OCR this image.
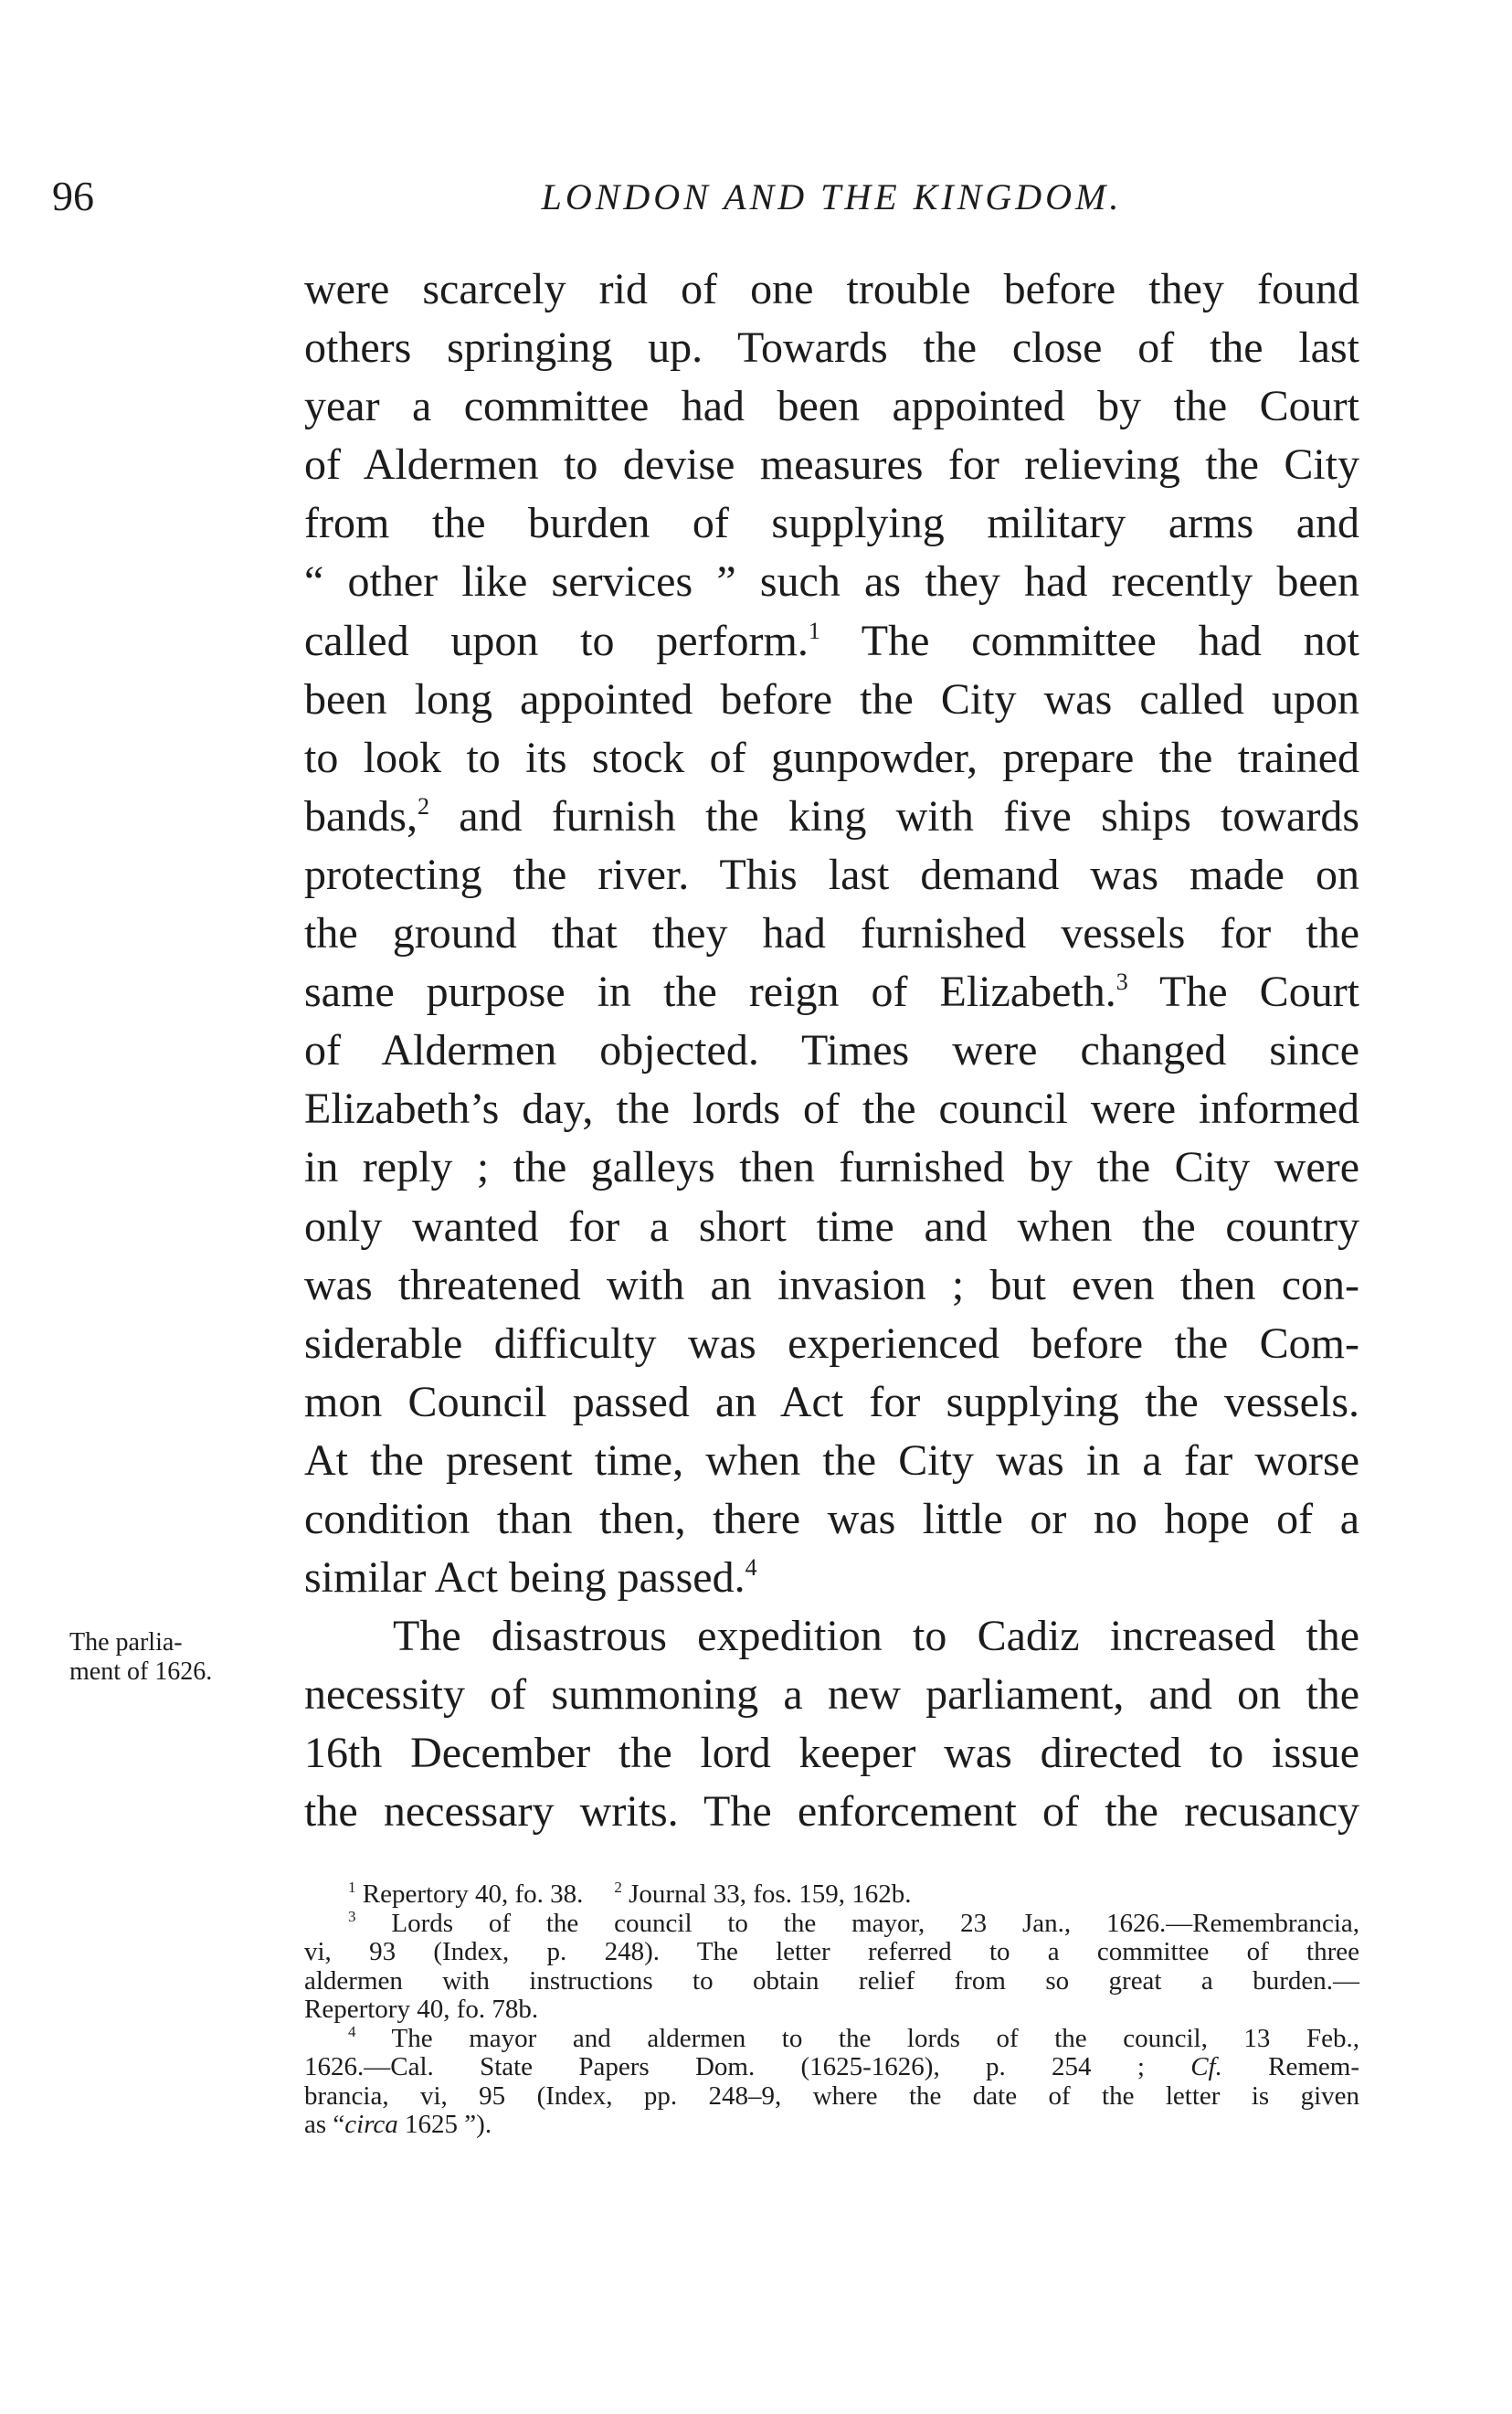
96	LONDON AND THE KINGDOM.
were scarcely rid of one trouble before they found
others springing up. Towards the close of the last
year a committee had been appointed by the Court
of Aldermen to devise measures for relieving the City
from the burden of supplying military arms and
“ other like services ” such as they had recently been
called upon to perform.$^1$ The committee had not
been long appointed before the City was called upon
to look to its stock of gunpowder, prepare the trained
bands,$^2$ and furnish the king with five ships towards
protecting the river. This last demand was made on
the ground that they had furnished vessels for the
same purpose in the reign of Elizabeth.$^3$ The Court
of Aldermen objected. Times were changed since
Elizabeth’s day, the lords of the council were informed
in reply ; the galleys then furnished by the City were
only wanted for a short time and when the country
was threatened with an invasion ; but even then con-
siderable difficulty was experienced before the Com-
mon Council passed an Act for supplying the vessels.
At the present time, when the City was in a far worse
condition than then, there was little or no hope of a
similar Act being passed.$^4$
The disastrous expedition to Cadiz increased the
necessity of summoning a new parliament, and on the
16th December the lord keeper was directed to issue
the necessary writs. The enforcement of the recusancy
The parlia-
ment of 1626.
$^1$ Repertory 40, fo. 38. $^2$ Journal 33, fos. 159, 162b.
$^3$ Lords of the council to the mayor, 23 Jan., 1626.—Remembrancia,
vi, 93 (Index, p. 248). The letter referred to a committee of three
aldermen with instructions to obtain relief from so great a burden.—
Repertory 40, fo. 78b.
$^4$ The mayor and aldermen to the lords of the council, 13 Feb.,
1626.—Cal. State Papers Dom. (1625-1626), p. 254 ; Cf. Remem-
brancia, vi, 95 (Index, pp. 248–9, where the date of the letter is given
as “circa 1625 ”).
